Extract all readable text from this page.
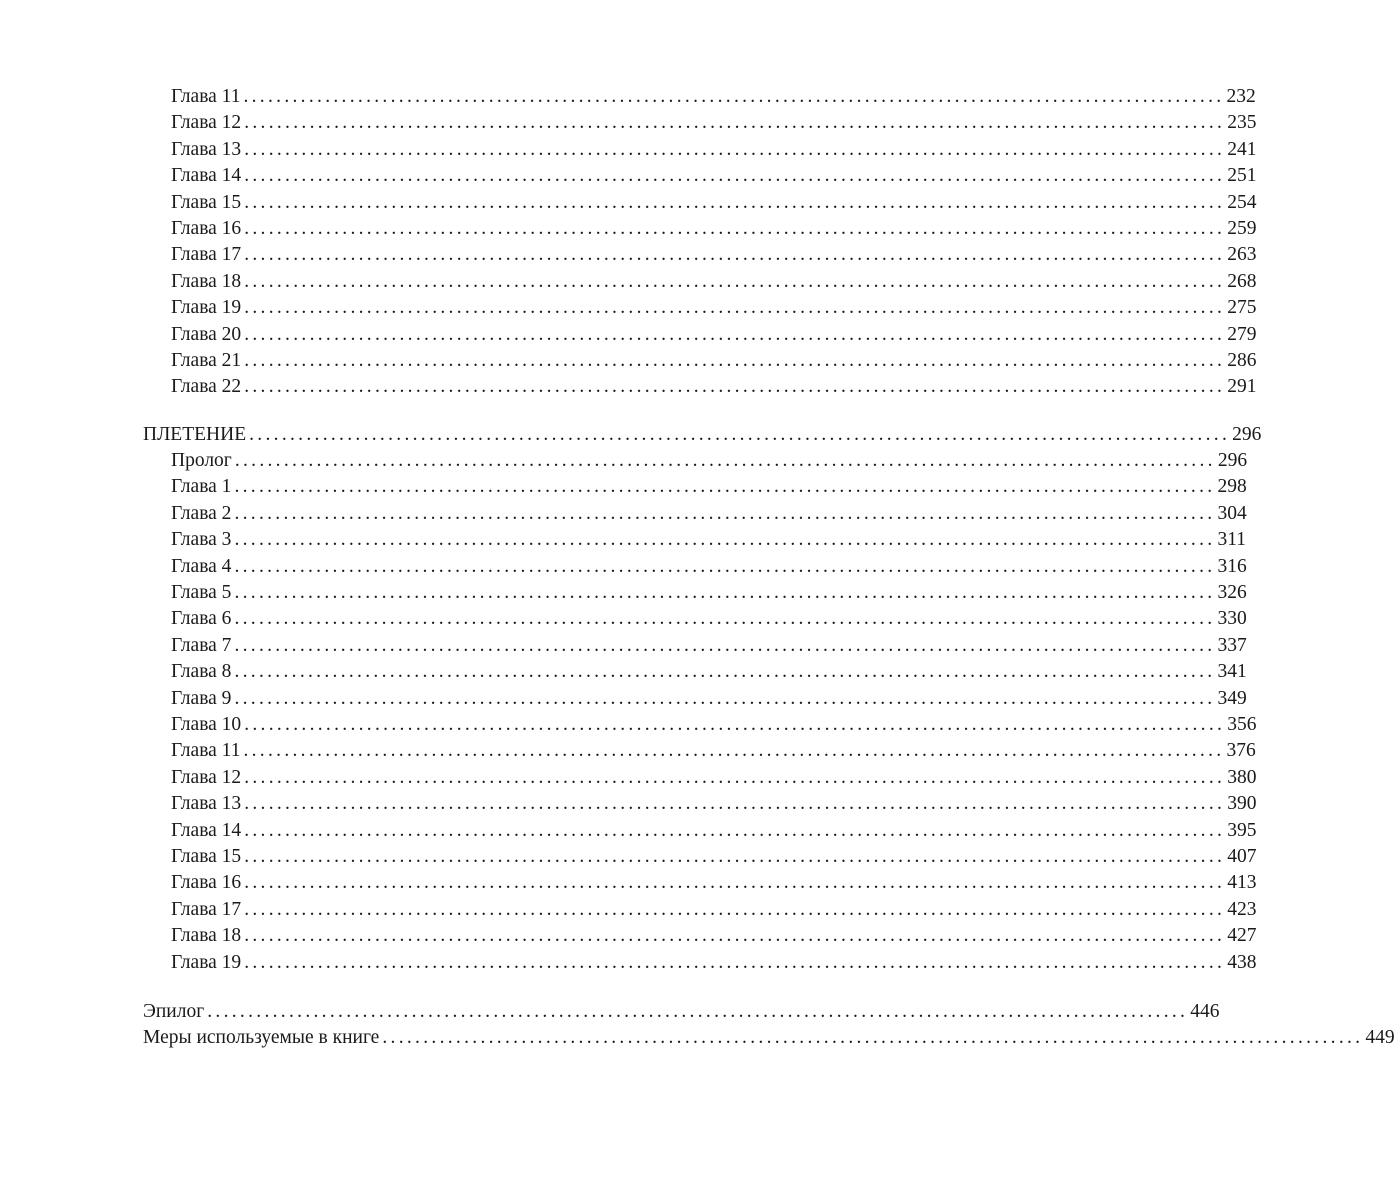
Глава 11 ........................................................................................................................ 232
Глава 12 ........................................................................................................................ 235
Глава 13 ........................................................................................................................ 241
Глава 14 ........................................................................................................................ 251
Глава 15 ........................................................................................................................ 254
Глава 16 ........................................................................................................................ 259
Глава 17 ........................................................................................................................ 263
Глава 18 ........................................................................................................................ 268
Глава 19 ........................................................................................................................ 275
Глава 20 ........................................................................................................................ 279
Глава 21 ........................................................................................................................ 286
Глава 22 ........................................................................................................................ 291
ПЛЕТЕНИЕ ........................................................................................................................ 296
Пролог ........................................................................................................................ 296
Глава 1 ........................................................................................................................ 298
Глава 2 ........................................................................................................................ 304
Глава 3 ........................................................................................................................ 311
Глава 4 ........................................................................................................................ 316
Глава 5 ........................................................................................................................ 326
Глава 6 ........................................................................................................................ 330
Глава 7 ........................................................................................................................ 337
Глава 8 ........................................................................................................................ 341
Глава 9 ........................................................................................................................ 349
Глава 10 ........................................................................................................................ 356
Глава 11 ........................................................................................................................ 376
Глава 12 ........................................................................................................................ 380
Глава 13 ........................................................................................................................ 390
Глава 14 ........................................................................................................................ 395
Глава 15 ........................................................................................................................ 407
Глава 16 ........................................................................................................................ 413
Глава 17 ........................................................................................................................ 423
Глава 18 ........................................................................................................................ 427
Глава 19 ........................................................................................................................ 438
Эпилог ........................................................................................................................ 446
Меры используемые в книге ........................................................................................................................ 449
